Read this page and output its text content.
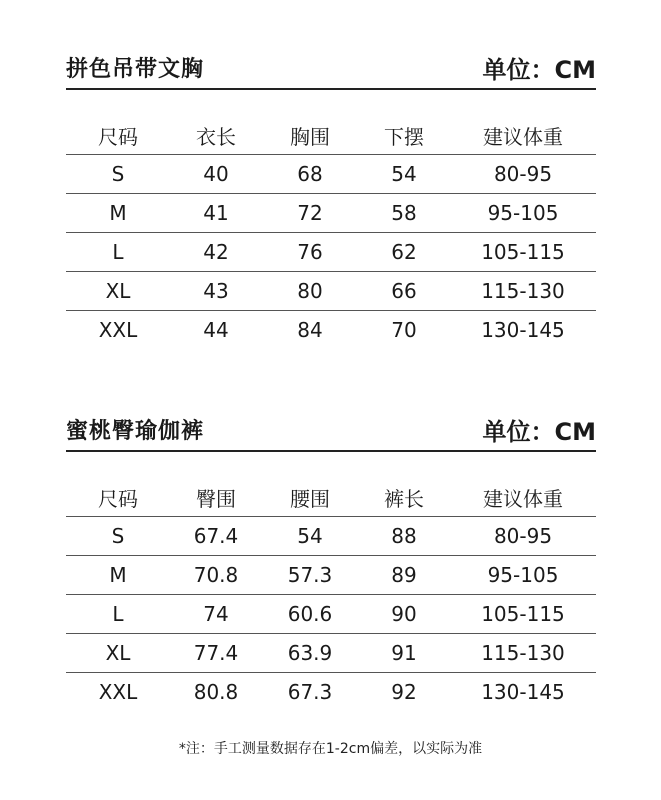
拼色吊带文胸	单位：CM
尺码	衣长	胸围	下摆	建议体重
S	40	68	54	80-95
M	41	72	58	95-105
L	42	76	62	105-115
XL	43	80	66	115-130
XXL	44	84	70	130-145
蜜桃臀瑜伽裤	单位：CM
尺码	臀围	腰围	裤长	建议体重
S	67.4	54	88	80-95
M	70.8	57.3	89	95-105
L	74	60.6	90	105-115
XL	77.4	63.9	91	115-130
XXL	80.8	67.3	92	130-145
*注：手工测量数据存在1-2cm偏差，以实际为准
